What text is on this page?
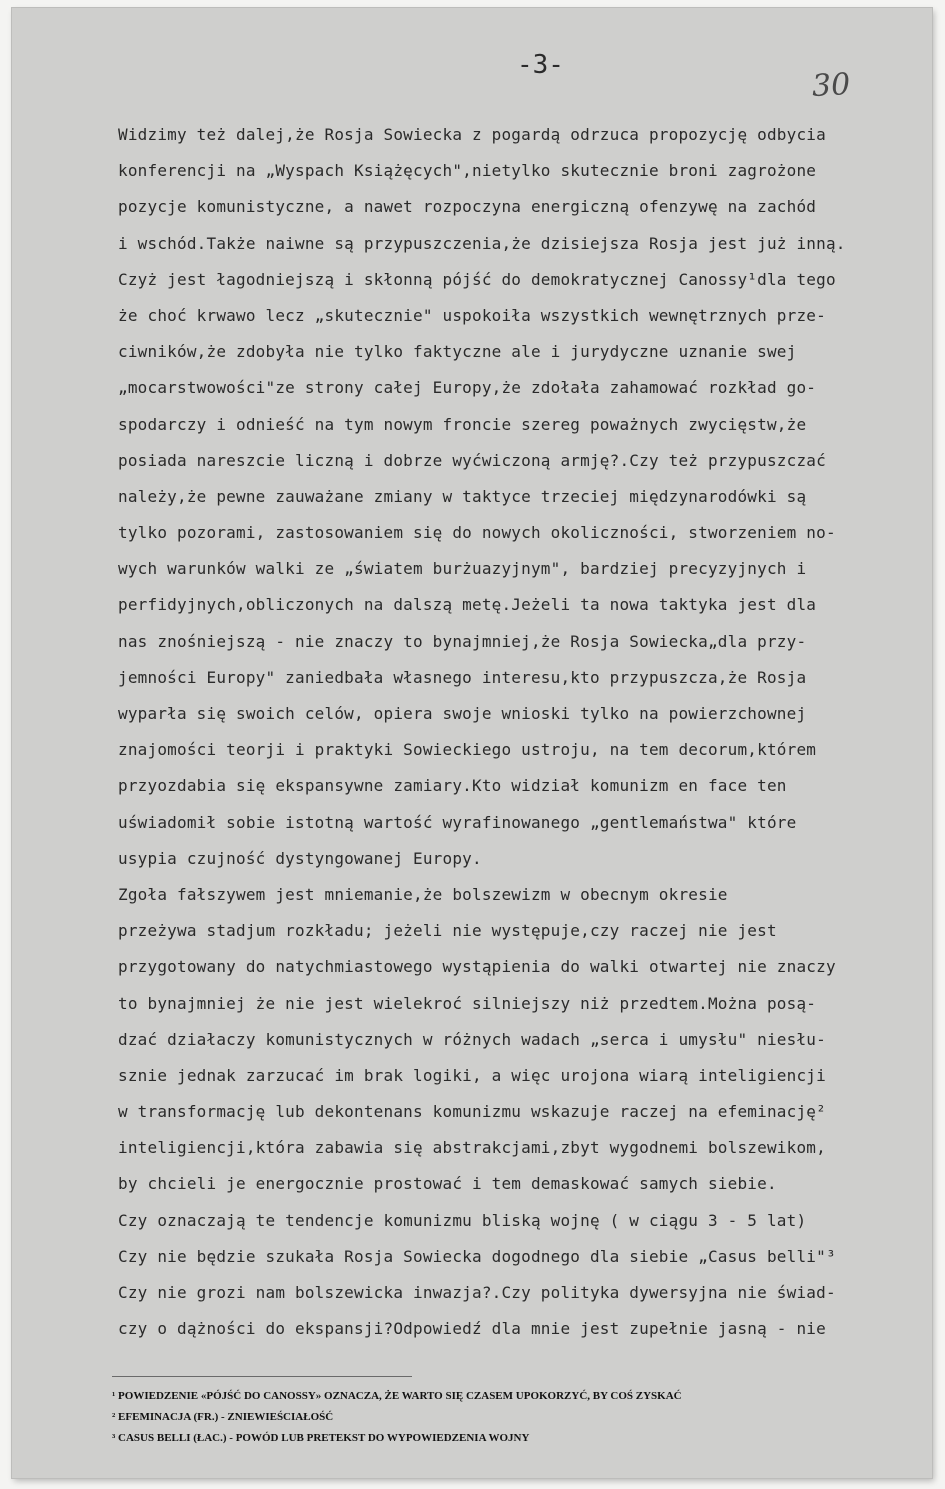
-3-
30
Widzimy też dalej,że Rosja Sowiecka z pogardą odrzuca propozycję odbycia
konferencji na „Wyspach Książęcych",nietylko skutecznie broni zagrożone
pozycje komunistyczne, a nawet rozpoczyna energiczną ofenzywę na zachód
i wschód.Także naiwne są przypuszczenia,że dzisiejsza Rosja jest już inną.
Czyż jest łagodniejszą i skłonną pójść do demokratycznej Canossy¹dla tego
że choć krwawo lecz „skutecznie" uspokoiła wszystkich wewnętrznych prze-
ciwników,że zdobyła nie tylko faktyczne ale i jurydyczne uznanie swej
„mocarstwowości"ze strony całej Europy,że zdołała zahamować rozkład go-
spodarczy i odnieść na tym nowym froncie szereg poważnych zwycięstw,że
posiada nareszcie liczną i dobrze wyćwiczoną armję?.Czy też przypuszczać
należy,że pewne zauważane zmiany w taktyce trzeciej międzynarodówki są
tylko pozorami, zastosowaniem się do nowych okoliczności, stworzeniem no-
wych warunków walki ze „światem burżuazyjnym", bardziej precyzyjnych i
perfidyjnych,obliczonych na dalszą metę.Jeżeli ta nowa taktyka jest dla
nas znośniejszą - nie znaczy to bynajmniej,że Rosja Sowiecka„dla przy-
jemności Europy" zaniedbała własnego interesu,kto przypuszcza,że Rosja
wyparła się swoich celów, opiera swoje wnioski tylko na powierzchownej
znajomości teorji i praktyki Sowieckiego ustroju, na tem decorum,którem
przyozdabia się ekspansywne zamiary.Kto widział komunizm en face ten
uświadomił sobie istotną wartość wyrafinowanego „gentlemaństwa" które
usypia czujność dystyngowanej Europy.
Zgoła fałszywem jest mniemanie,że bolszewizm w obecnym okresie
przeżywa stadjum rozkładu; jeżeli nie występuje,czy raczej nie jest
przygotowany do natychmiastowego wystąpienia do walki otwartej nie znaczy
to bynajmniej że nie jest wielekroć silniejszy niż przedtem.Można posą-
dzać działaczy komunistycznych w różnych wadach „serca i umysłu" niesłu-
sznie jednak zarzucać im brak logiki, a więc urojona wiarą inteligiencji
w transformację lub dekontenans komunizmu wskazuje raczej na efeminację²
inteligiencji,która zabawia się abstrakcjami,zbyt wygodnemi bolszewikom,
by chcieli je energocznie prostować i tem demaskować samych siebie.
Czy oznaczają te tendencje komunizmu bliską wojnę ( w ciągu 3 - 5 lat)
Czy nie będzie szukała Rosja Sowiecka dogodnego dla siebie „Casus belli"³
Czy nie grozi nam bolszewicka inwazja?.Czy polityka dywersyjna nie świad-
czy o dążności do ekspansji?Odpowiedź dla mnie jest zupełnie jasną - nie
¹ POWIEDZENIE «PÓJŚĆ DO CANOSSY» OZNACZA, ŻE WARTO SIĘ CZASEM UPOKORZYĆ, BY COŚ ZYSKAĆ
² EFEMINACJA (FR.) - ZNIEWIEŚCIAŁOŚĆ
³ CASUS BELLI (ŁAC.) - POWÓD LUB PRETEKST DO WYPOWIEDZENIA WOJNY
